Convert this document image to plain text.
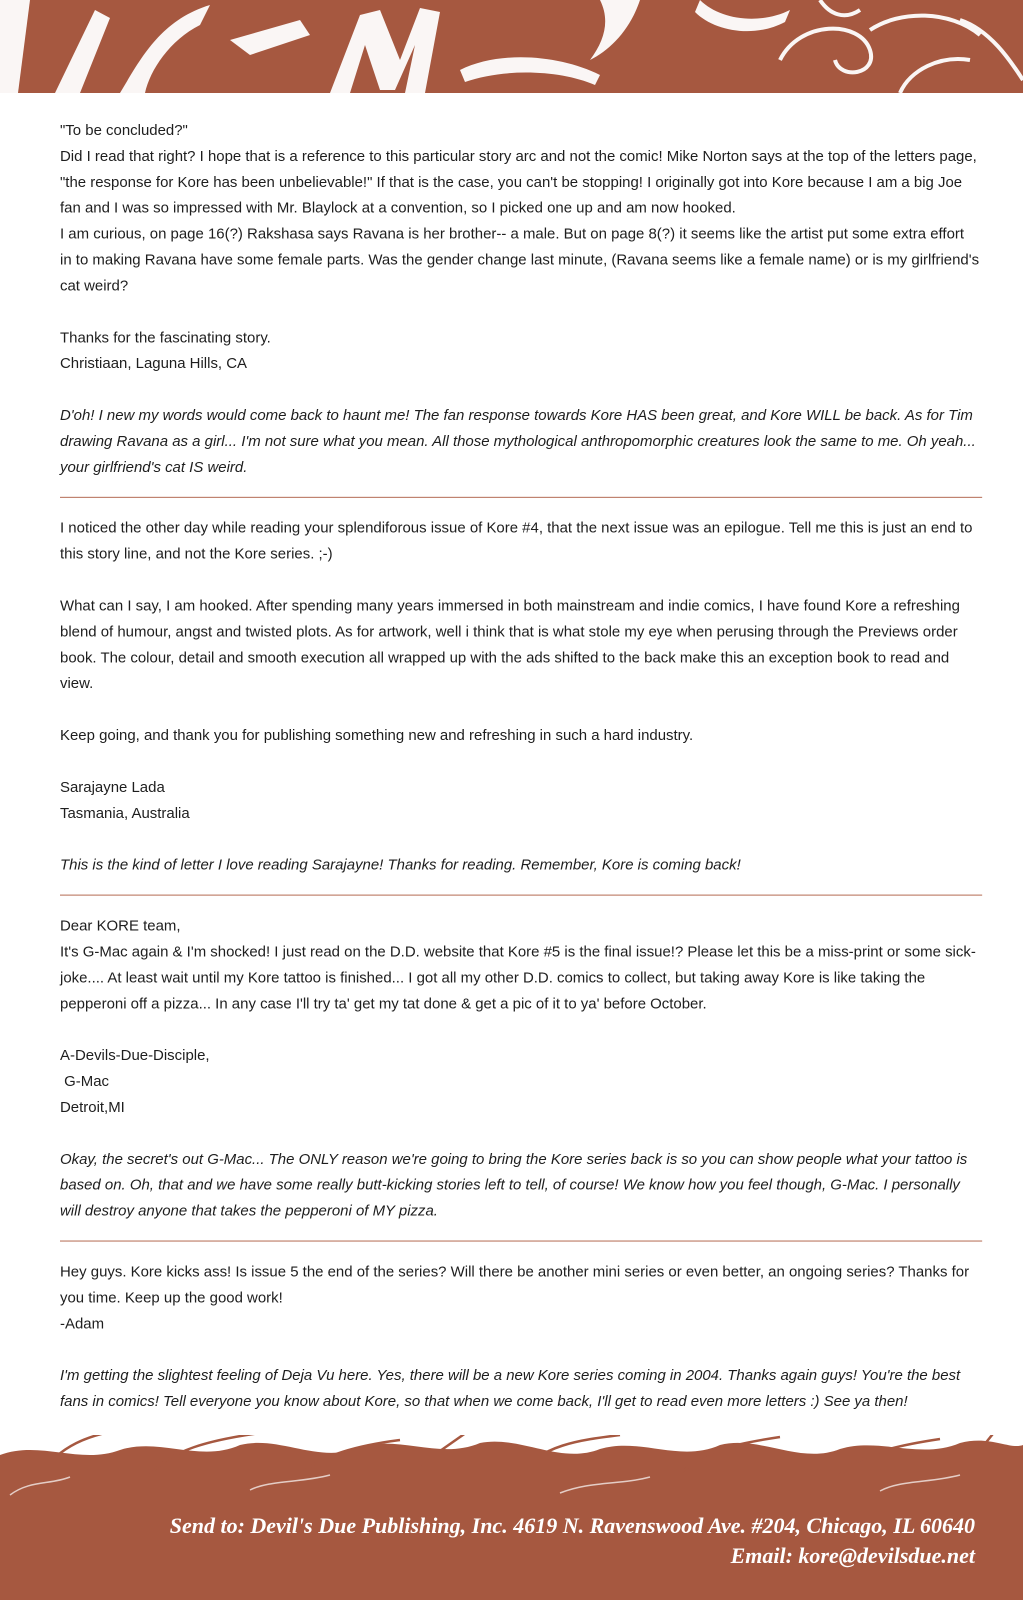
"To be concluded?"

Did I read that right? I hope that is a reference to this particular story arc and not the comic! Mike Norton says at the top of the letters page, "the response for Kore has been unbelievable!" If that is the case, you can't be stopping! I originally got into Kore because I am a big Joe fan and I was so impressed with Mr. Blaylock at a convention, so I picked one up and am now hooked.

I am curious, on page 16(?) Rakshasa says Ravana is her brother-- a male. But on page 8(?) it seems like the artist put some extra effort in to making Ravana have some female parts. Was the gender change last minute, (Ravana seems like a female name) or is my girlfriend's cat weird?

Thanks for the fascinating story.

Christiaan, Laguna Hills, CA

D'oh! I new my words would come back to haunt me! The fan response towards Kore HAS been great, and Kore WILL be back. As for Tim drawing Ravana as a girl... I'm not sure what you mean. All those mythological anthropomorphic creatures look the same to me. Oh yeah... your girlfriend's cat IS weird.

I noticed the other day while reading your splendiforous issue of Kore #4, that the next issue was an epilogue. Tell me this is just an end to this story line, and not the Kore series. ;-)

What can I say, I am hooked. After spending many years immersed in both mainstream and indie comics, I have found Kore a refreshing blend of humour, angst and twisted plots. As for artwork, well i think that is what stole my eye when perusing through the Previews order book. The colour, detail and smooth execution all wrapped up with the ads shifted to the back make this an exception book to read and view.

Keep going, and thank you for publishing something new and refreshing in such a hard industry.

Sarajayne Lada

Tasmania, Australia

This is the kind of letter I love reading Sarajayne! Thanks for reading. Remember, Kore is coming back!

Dear KORE team,

It's G-Mac again & I'm shocked! I just read on the D.D. website that Kore #5 is the final issue!? Please let this be a miss-print or some sick-joke.... At least wait until my Kore tattoo is finished... I got all my other D.D. comics to collect, but taking away Kore is like taking the pepperoni off a pizza... In any case I'll try ta' get my tat done & get a pic of it to ya' before October.

A-Devils-Due-Disciple,

G-Mac

Detroit,MI

Okay, the secret's out G-Mac... The ONLY reason we're going to bring the Kore series back is so you can show people what your tattoo is based on. Oh, that and we have some really butt-kicking stories left to tell, of course! We know how you feel though, G-Mac. I personally will destroy anyone that takes the pepperoni of MY pizza.

Hey guys. Kore kicks ass! Is issue 5 the end of the series? Will there be another mini series or even better, an ongoing series? Thanks for you time. Keep up the good work!

-Adam

I'm getting the slightest feeling of Deja Vu here. Yes, there will be a new Kore series coming in 2004. Thanks again guys! You're the best fans in comics! Tell everyone you know about Kore, so that when we come back, I'll get to read even more letters :) See ya then!

Send to: Devil's Due Publishing, Inc. 4619 N. Ravenswood Ave. #204, Chicago, IL 60640
Email: kore@devilsdue.net
